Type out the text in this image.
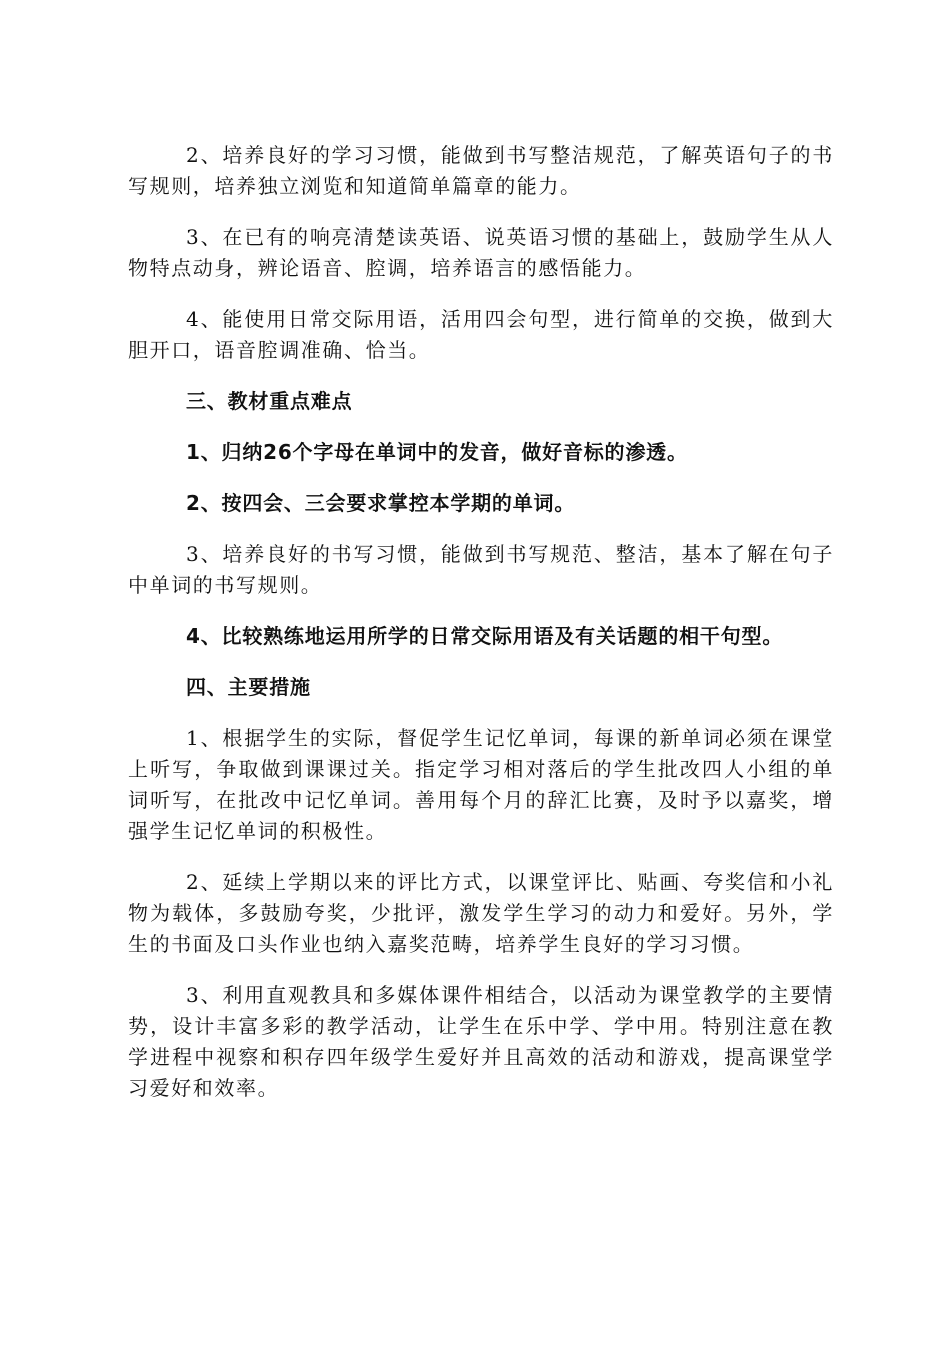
2、培养良好的学习习惯，能做到书写整洁规范，了解英语句子的书写规则，培养独立浏览和知道简单篇章的能力。

3、在已有的响亮清楚读英语、说英语习惯的基础上，鼓励学生从人物特点动身，辨论语音、腔调，培养语言的感悟能力。

4、能使用日常交际用语，活用四会句型，进行简单的交换，做到大胆开口，语音腔调准确、恰当。

三、教材重点难点

1、归纳26个字母在单词中的发音，做好音标的渗透。

2、按四会、三会要求掌控本学期的单词。

3、培养良好的书写习惯，能做到书写规范、整洁，基本了解在句子中单词的书写规则。

4、比较熟练地运用所学的日常交际用语及有关话题的相干句型。

四、主要措施

1、根据学生的实际，督促学生记忆单词，每课的新单词必须在课堂上听写，争取做到课课过关。指定学习相对落后的学生批改四人小组的单词听写，在批改中记忆单词。善用每个月的辞汇比赛，及时予以嘉奖，增强学生记忆单词的积极性。

2、延续上学期以来的评比方式，以课堂评比、贴画、夸奖信和小礼物为载体，多鼓励夸奖，少批评，激发学生学习的动力和爱好。另外，学生的书面及口头作业也纳入嘉奖范畴，培养学生良好的学习习惯。

3、利用直观教具和多媒体课件相结合，以活动为课堂教学的主要情势，设计丰富多彩的教学活动，让学生在乐中学、学中用。特别注意在教学进程中视察和积存四年级学生爱好并且高效的活动和游戏，提高课堂学习爱好和效率。
